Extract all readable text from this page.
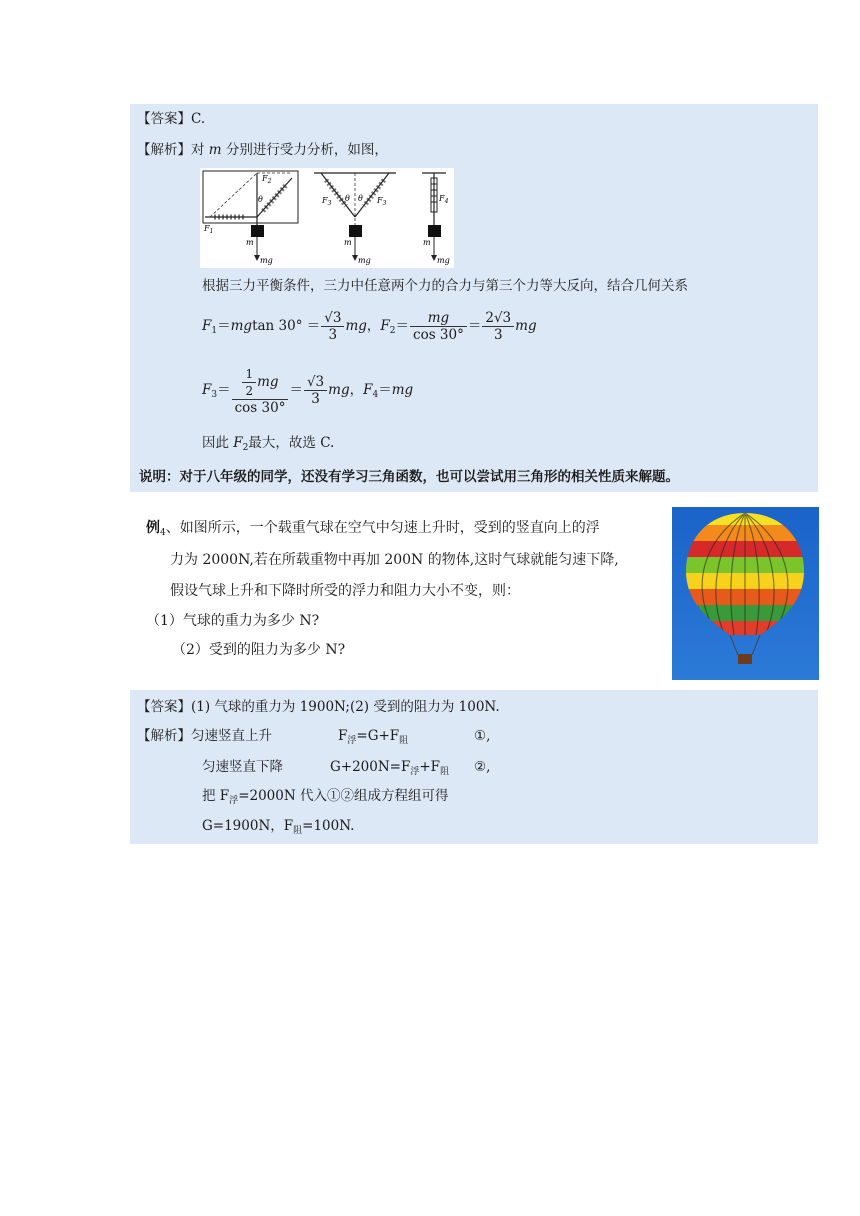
【答案】C.
【解析】对 m 分别进行受力分析，如图，
$F_2$
θ
$F_1$
m
mg
$F_3$	$F_3$
θ θ
m
mg
$F_4$
m
mg
根据三力平衡条件，三力中任意两个力的合力与第三个力等大反向，结合几何关系
$F_1=mgtan$ $30^\circ = \frac{√3}{3}$ mg，$F_2= \frac{mg}{\cos 30^\circ} = \frac{2√3}{3}$ mg
$F_3= \frac{\frac{1}{2} mg}{\cos 30^\circ} = \frac{√3}{3}$ mg，$F_4=mg$
因此 $F_2$最大，故选 C.
说明：对于八年级的同学，还没有学习三角函数，也可以尝试用三角形的相关性质来解题。
例$_4$、如图所示，一个载重气球在空气中匀速上升时，受到的竖直向上的浮
力为 2000N,若在所载重物中再加 200N 的物体,这时气球就能匀速下降,
假设气球上升和下降时所受的浮力和阻力大小不变，则：
（1）气球的重力为多少 N?
（2）受到的阻力为多少 N?
【答案】(1) 气球的重力为 1900N;(2) 受到的阻力为 100N.
【解析】匀速竖直上升	$F_浮=G+F_阻$	①,
匀速竖直下降	$G+200N=F_浮+F_阻$ ②,
把 $F_浮=2000N$ 代入①②组成方程组可得
G=1900N，$F_阻=100N$.
